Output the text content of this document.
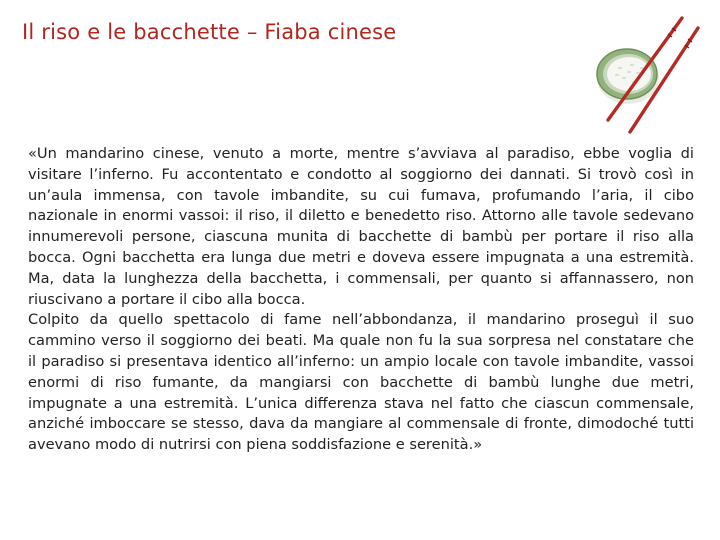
Il riso e le bacchette – Fiaba cinese

«Un mandarino cinese, venuto a morte, mentre s’avviava al paradiso, ebbe voglia di visitare l’inferno. Fu accontentato e condotto al soggiorno dei dannati. Si trovò così in un’aula immensa, con tavole imbandite, su cui fumava, profumando l’aria, il cibo nazionale in enormi vassoi: il riso, il diletto e benedetto riso. Attorno alle tavole sedevano innumerevoli persone, ciascuna munita di bacchette di bambù per portare il riso alla bocca. Ogni bacchetta era lunga due metri e doveva essere impugnata a una estremità. Ma, data la lunghezza della bacchetta, i commensali, per quanto si affannassero, non riuscivano a portare il cibo alla bocca.

Colpito da quello spettacolo di fame nell’abbondanza, il mandarino proseguì il suo cammino verso il soggiorno dei beati. Ma quale non fu la sua sorpresa nel constatare che il paradiso si presentava identico all’inferno: un ampio locale con tavole imbandite, vassoi enormi di riso fumante, da mangiarsi con bacchette di bambù lunghe due metri, impugnate a una estremità. L’unica differenza stava nel fatto che ciascun commensale, anziché imboccare se stesso, dava da mangiare al commensale di fronte, dimodoché tutti avevano modo di nutrirsi con piena soddisfazione e serenità.»
